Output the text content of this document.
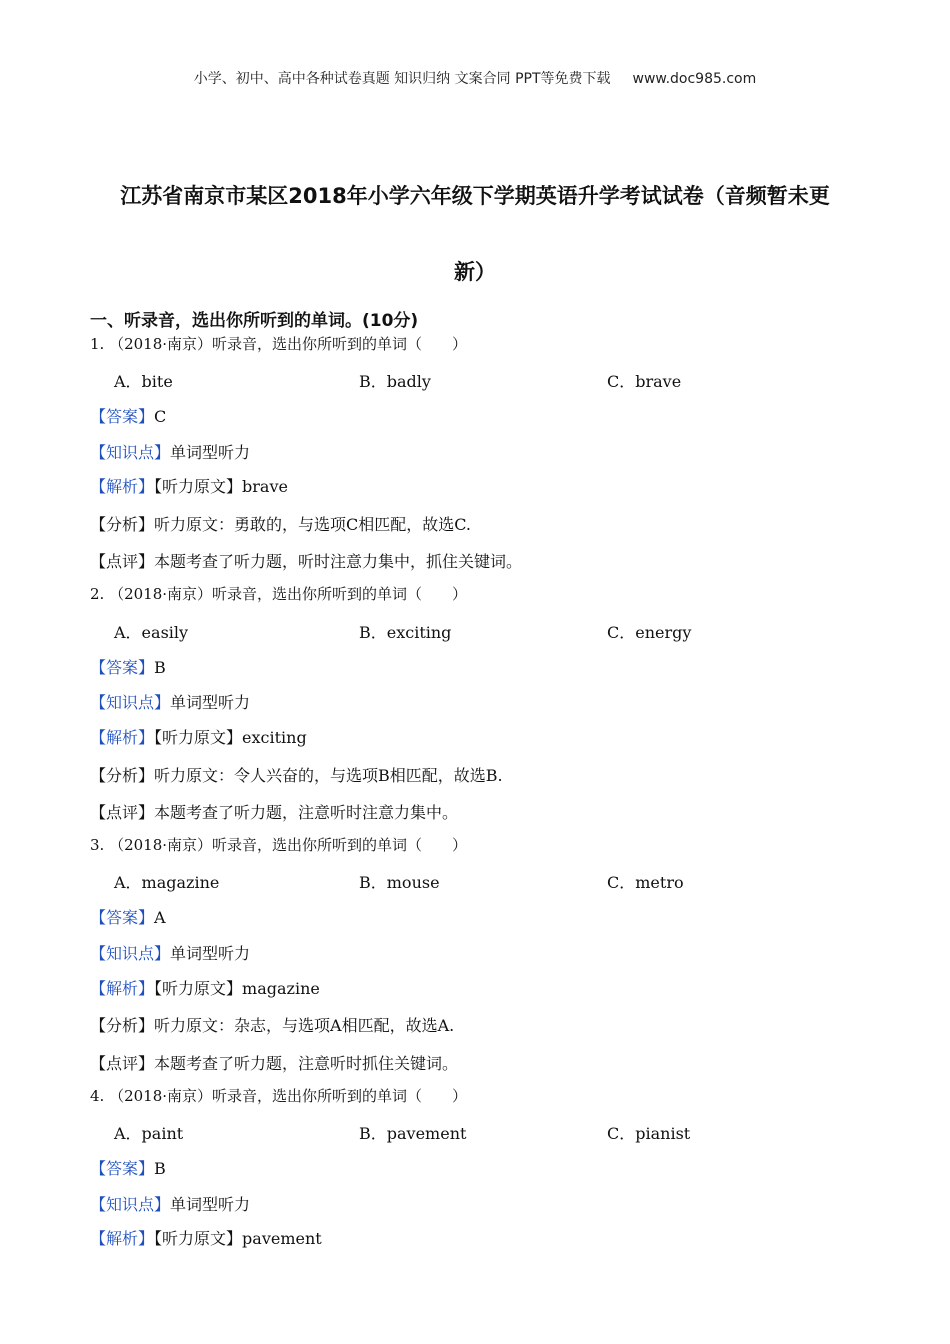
小学、初中、高中各种试卷真题 知识归纳 文案合同 PPT等免费下载 www.doc985.com
江苏省南京市某区2018年小学六年级下学期英语升学考试试卷（音频暂未更
新）
一、听录音，选出你所听到的单词。(10分)
1. （2018·南京）听录音，选出你所听到的单词（　　）
A．bite	B．badly	C．brave
【答案】C
【知识点】单词型听力
【解析】【听力原文】brave
【分析】听力原文：勇敢的，与选项C相匹配，故选C.
【点评】本题考查了听力题，听时注意力集中，抓住关键词。
2. （2018·南京）听录音，选出你所听到的单词（　　）
A．easily	B．exciting	C．energy
【答案】B
【知识点】单词型听力
【解析】【听力原文】exciting
【分析】听力原文：令人兴奋的，与选项B相匹配，故选B.
【点评】本题考查了听力题，注意听时注意力集中。
3. （2018·南京）听录音，选出你所听到的单词（　　）
A．magazine	B．mouse	C．metro
【答案】A
【知识点】单词型听力
【解析】【听力原文】magazine
【分析】听力原文：杂志，与选项A相匹配，故选A.
【点评】本题考查了听力题，注意听时抓住关键词。
4. （2018·南京）听录音，选出你所听到的单词（　　）
A．paint	B．pavement	C．pianist
【答案】B
【知识点】单词型听力
【解析】【听力原文】pavement
